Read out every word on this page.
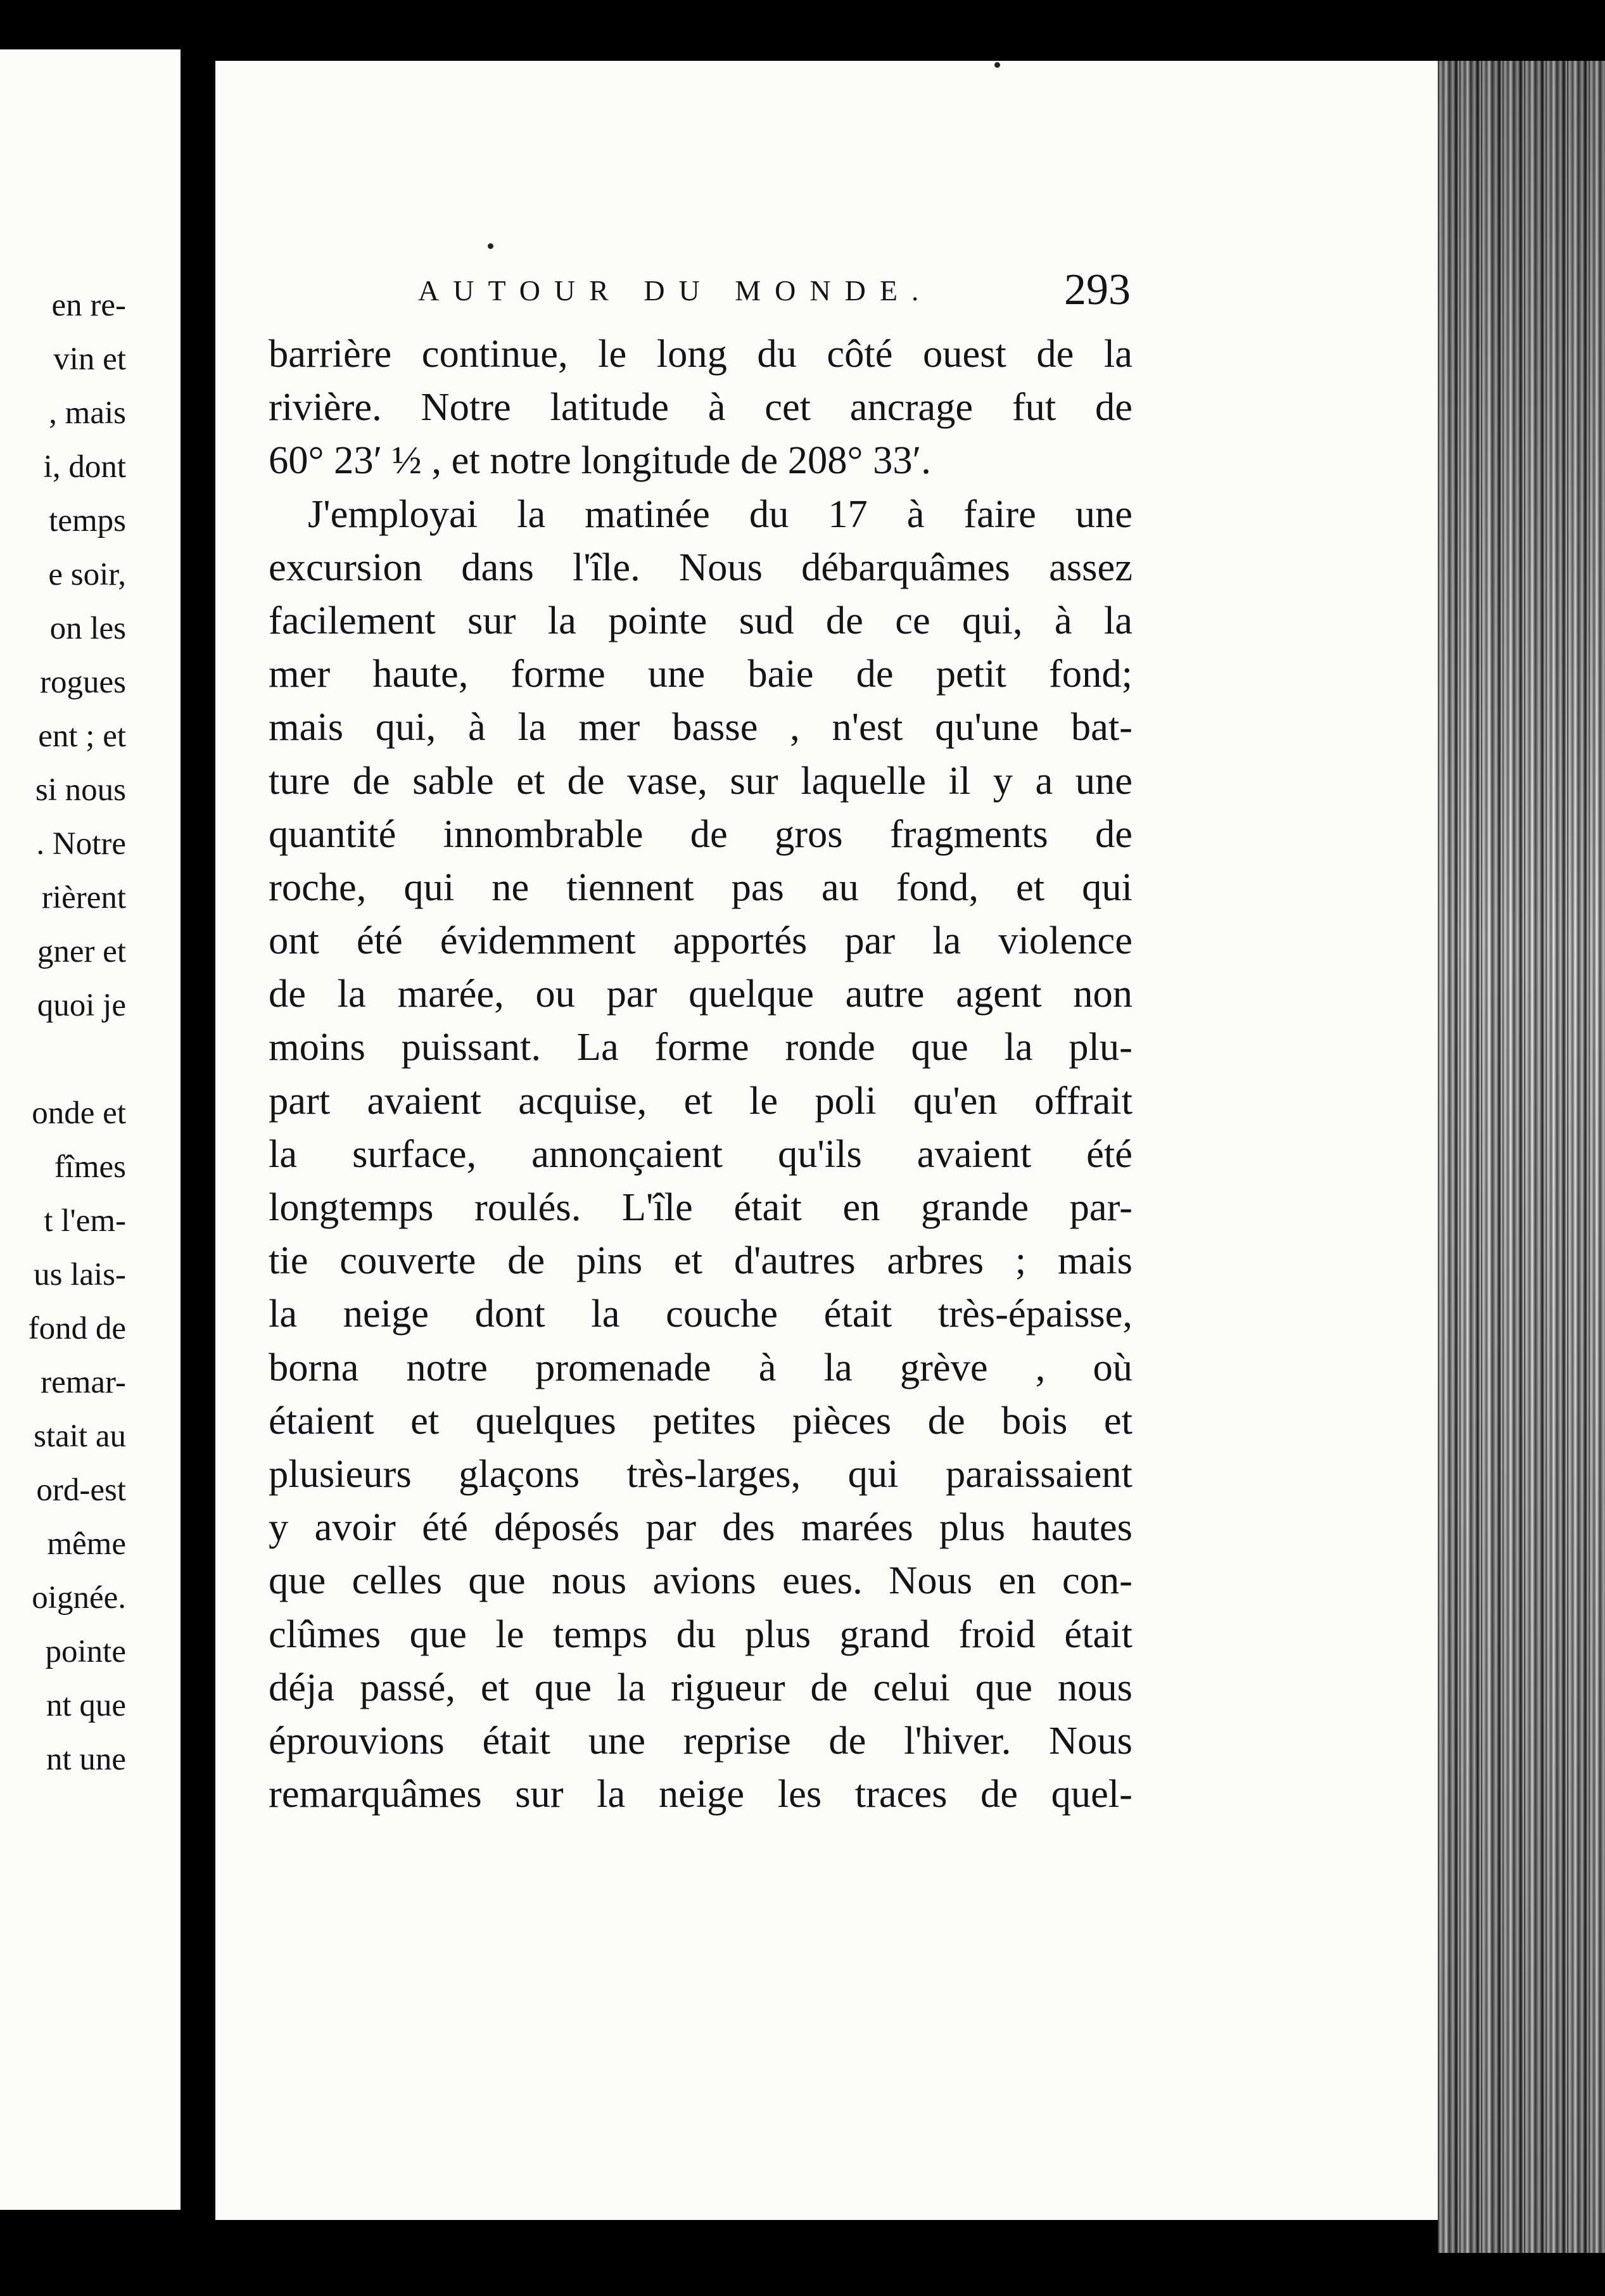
en re-
vin et
, mais
i, dont
temps
e soir,
on les
rogues
ent ; et
si nous
. Notre
rièrent
gner et
quoi je
onde et
fîmes
t l'em-
us lais-
fond de
remar-
stait au
ord-est
même
oignée.
pointe
nt que
nt une
AUTOUR DU MONDE.	293
barrière continue, le long du côté ouest de la
rivière. Notre latitude à cet ancrage fut de
60° 23′ ½ , et notre longitude de 208° 33′.
J'employai la matinée du 17 à faire une
excursion dans l'île. Nous débarquâmes assez
facilement sur la pointe sud de ce qui, à la
mer haute, forme une baie de petit fond;
mais qui, à la mer basse , n'est qu'une bat-
ture de sable et de vase, sur laquelle il y a une
quantité innombrable de gros fragments de
roche, qui ne tiennent pas au fond, et qui
ont été évidemment apportés par la violence
de la marée, ou par quelque autre agent non
moins puissant. La forme ronde que la plu-
part avaient acquise, et le poli qu'en offrait
la surface, annonçaient qu'ils avaient été
longtemps roulés. L'île était en grande par-
tie couverte de pins et d'autres arbres ; mais
la neige dont la couche était très-épaisse,
borna notre promenade à la grève , où
étaient et quelques petites pièces de bois et
plusieurs glaçons très-larges, qui paraissaient
y avoir été déposés par des marées plus hautes
que celles que nous avions eues. Nous en con-
clûmes que le temps du plus grand froid était
déja passé, et que la rigueur de celui que nous
éprouvions était une reprise de l'hiver. Nous
remarquâmes sur la neige les traces de quel-
